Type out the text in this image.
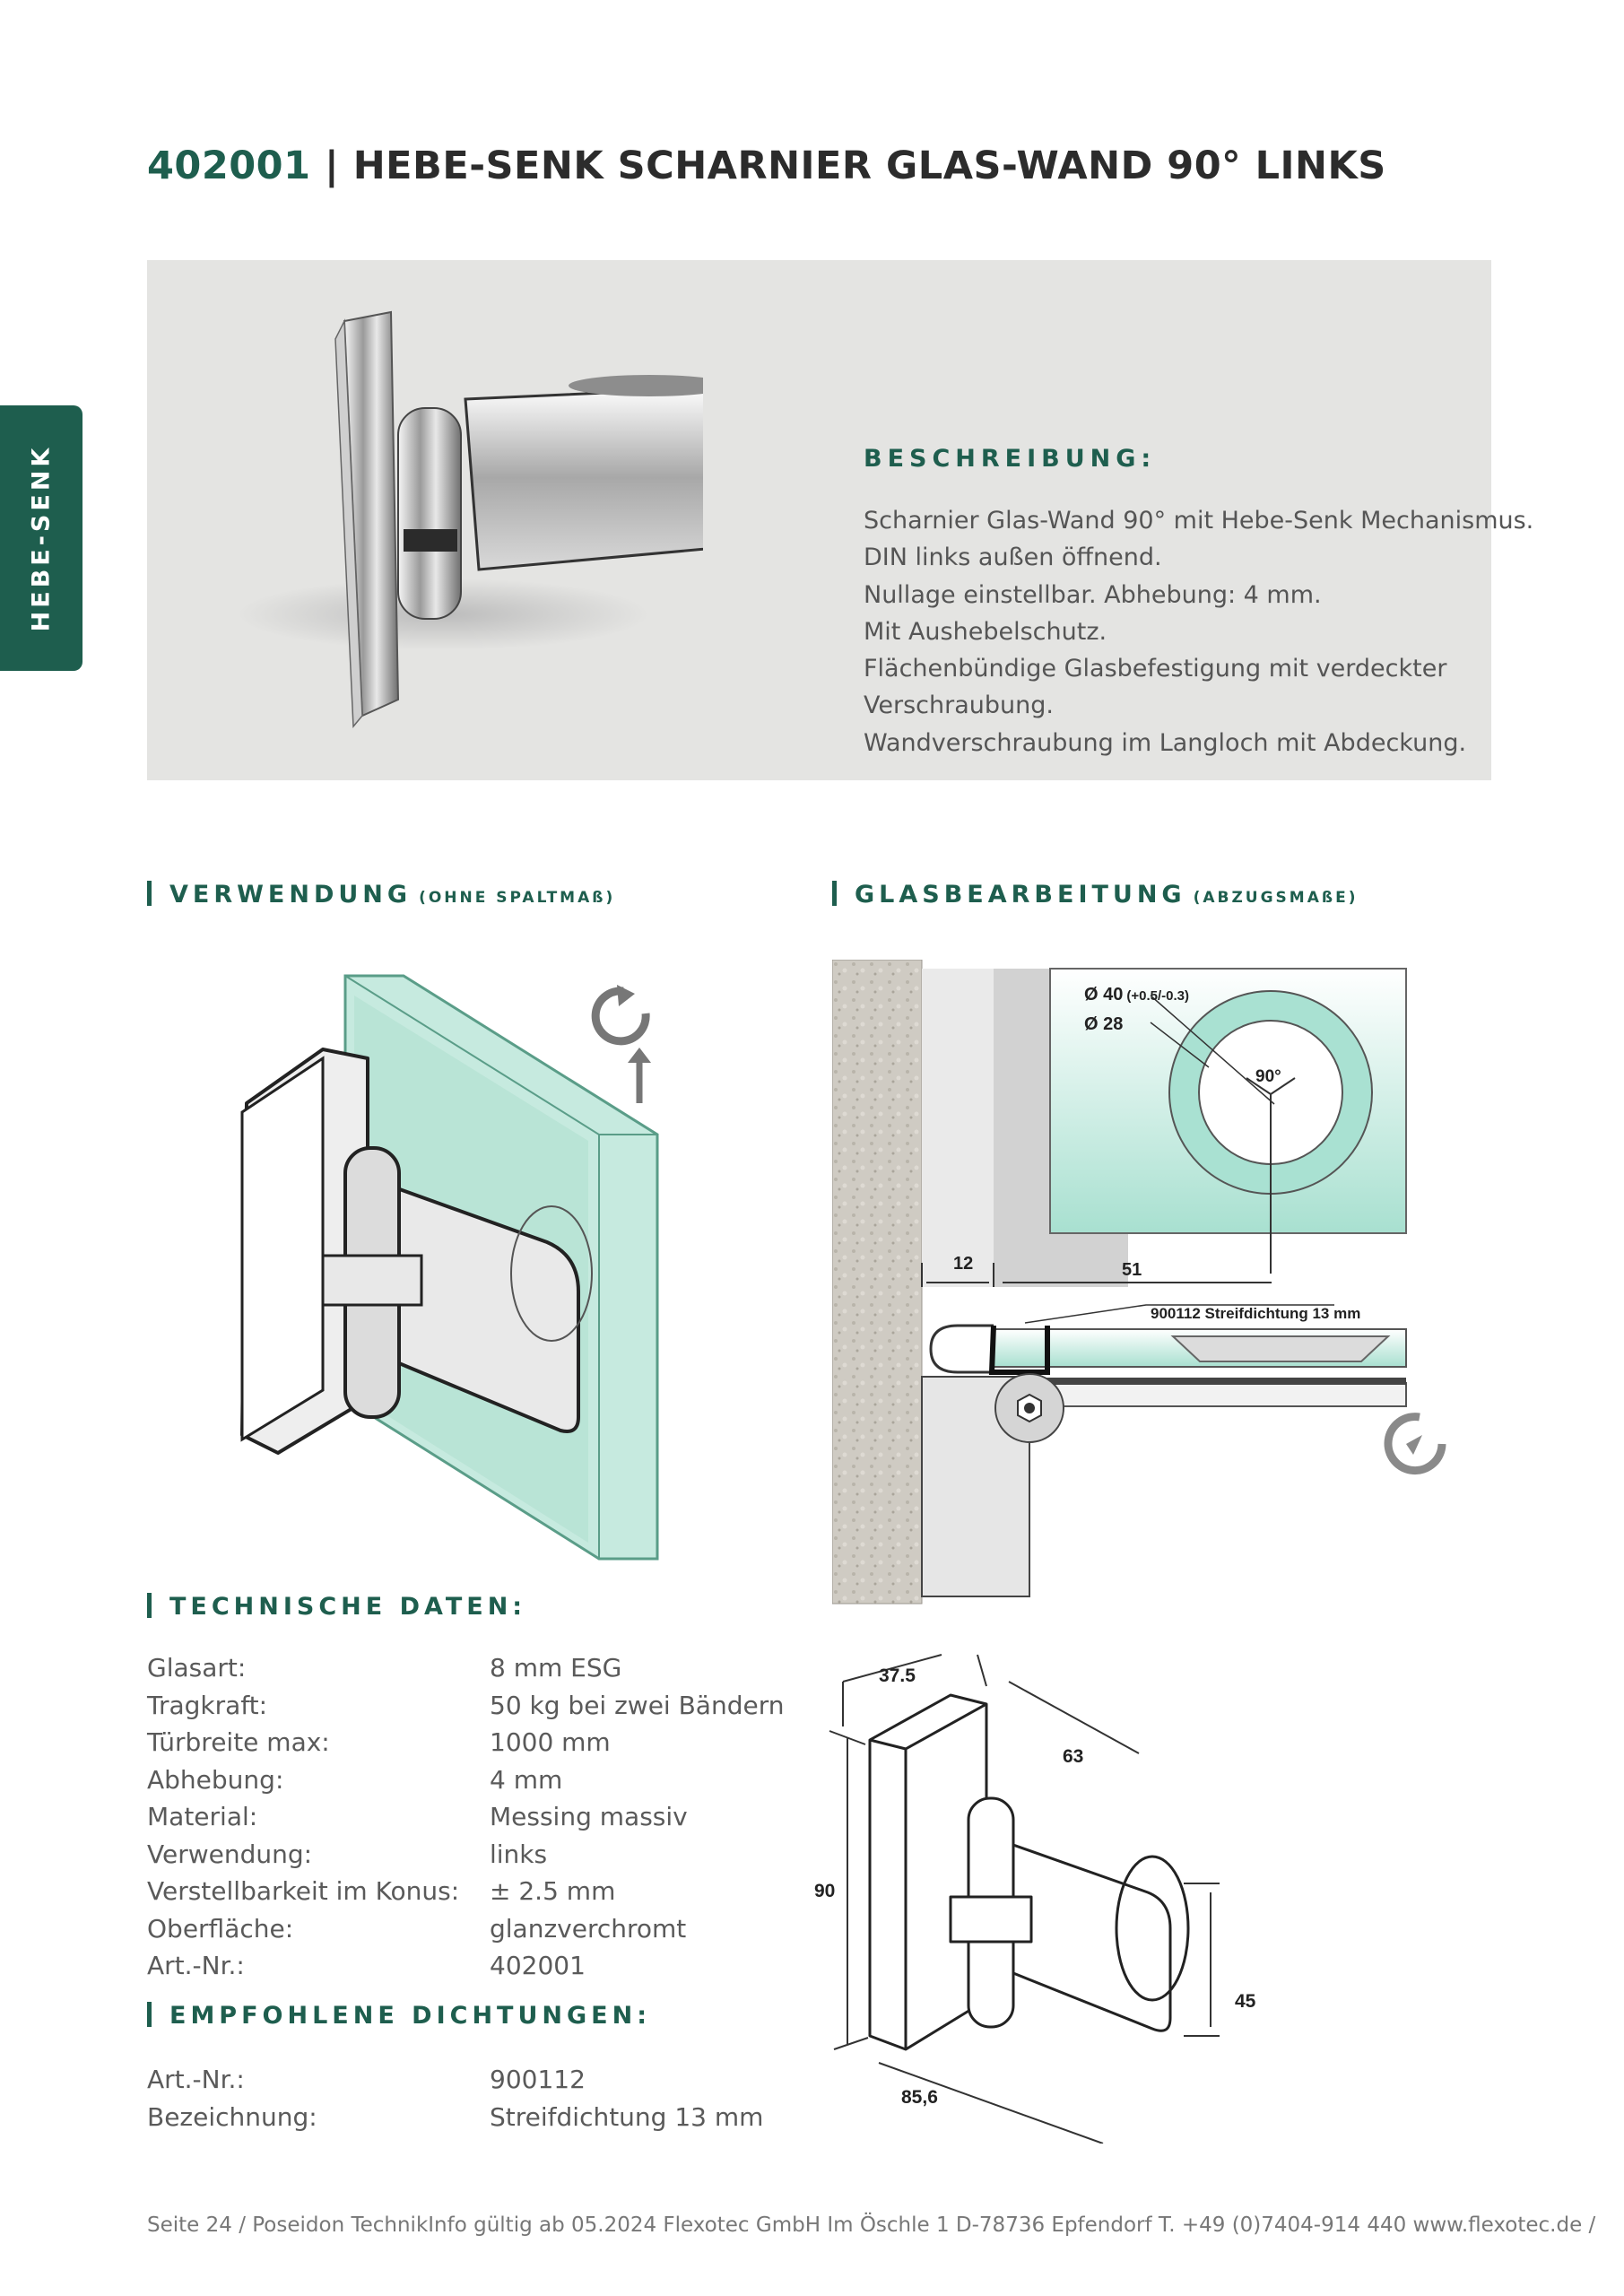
402001 | HEBE-SENK SCHARNIER GLAS-WAND 90° LINKS
HEBE-SENK	BESCHREIBUNG:
Scharnier Glas-Wand 90° mit Hebe-Senk Mechanismus.
DIN links außen öffnend.
Nullage einstellbar. Abhebung: 4 mm.
Mit Aushebelschutz.
Flächenbündige Glasbefestigung mit verdeckter
Verschraubung.
Wandverschraubung im Langloch mit Abdeckung.
VERWENDUNG (OHNE SPALTMAß)	GLASBEARBEITUNG (ABZUGSMAßE)
90°
Ø 40 (+0.5/-0.3)
Ø 28
12	51
900112 Streifdichtung 13 mm
TECHNISCHE DATEN:
Glasart:	8 mm ESG
Tragkraft:	50 kg bei zwei Bändern
Türbreite max:	1000 mm
Abhebung:	4 mm
Material:	Messing massiv
Verwendung:	links
Verstellbarkeit im Konus: ± 2.5 mm
Oberfläche:	glanzverchromt
Art.-Nr.:	402001
EMPFOHLENE DICHTUNGEN:
Art.-Nr.:	900112
Bezeichnung:	Streifdichtung 13 mm
37.5
63
90
45
85,6
Seite 24 / Poseidon TechnikInfo gültig ab 05.2024 Flexotec GmbH Im Öschle 1 D-78736 Epfendorf T. +49 (0)7404-914 440 www.flexotec.de /
